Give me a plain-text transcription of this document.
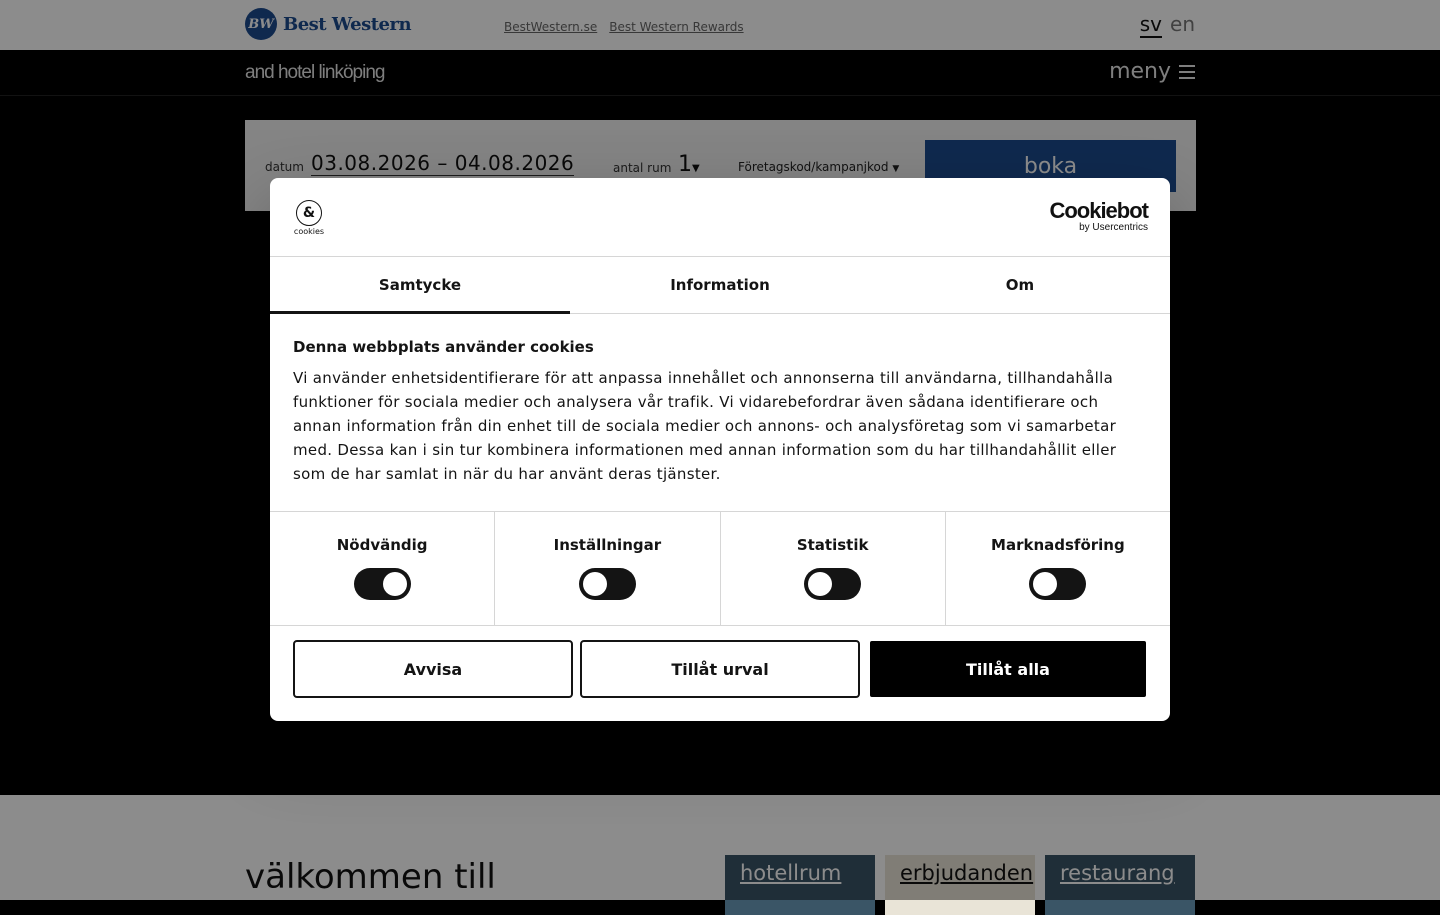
BW Best Western	BestWestern.se Best Western Rewards	sv en
and hotel linköping	meny
datum 03.08.2026 – 04.08.2026	antal rum 1▼	Företagskod/kampanjkod ▼	boka
välkommen till	hotellrum	erbjudanden	restaurang
&
cookies
Cookiebot
by Usercentrics
Samtycke	Information	Om

Denna webbplats använder cookies

Vi använder enhetsidentifierare för att anpassa innehållet och annonserna till användarna, tillhandahålla funktioner för sociala medier och analysera vår trafik. Vi vidarebefordrar även sådana identifierare och annan information från din enhet till de sociala medier och annons- och analysföretag som vi samarbetar med. Dessa kan i sin tur kombinera informationen med annan information som du har tillhandahållit eller som de har samlat in när du har använt deras tjänster.
Nödvändig	Inställningar	Statistik	Marknadsföring
Avvisa	Tillåt urval	Tillåt alla
